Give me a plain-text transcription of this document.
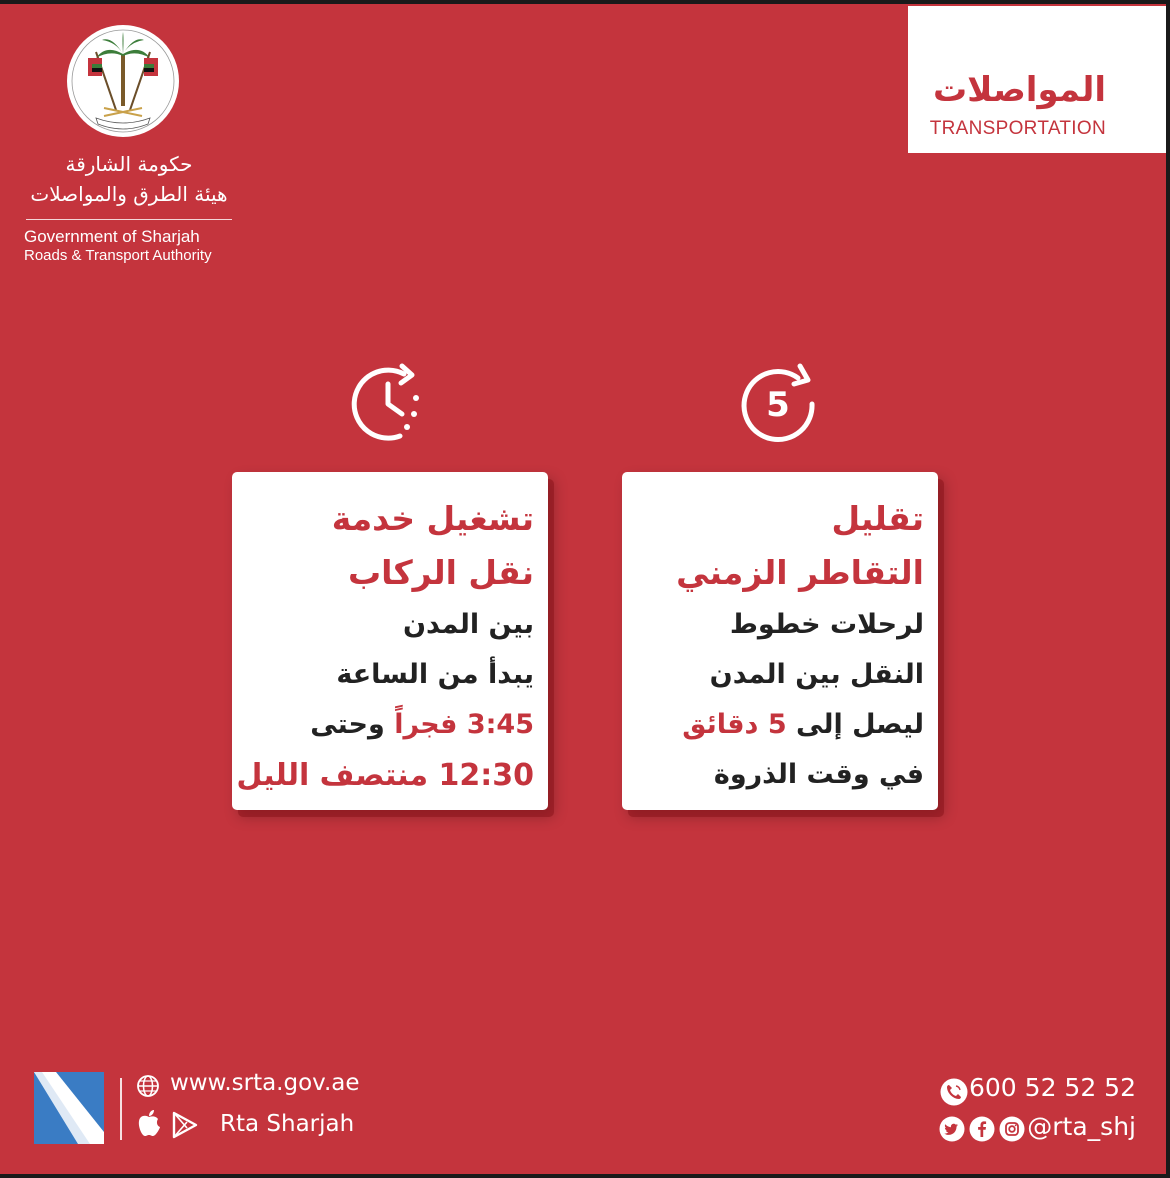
حكومة الشارقة
هيئة الطرق والمواصلات
Government of Sharjah
Roads & Transport Authority
المواصلات
TRANSPORTATION
5
تشغيل خدمة
نقل الركاب
بين المدن
يبدأ من الساعة
3:45 فجراً وحتى
12:30 منتصف الليل
تقليل
التقاطر الزمني
لرحلات خطوط
النقل بين المدن
ليصل إلى 5 دقائق
في وقت الذروة
www.srta.gov.ae
Rta Sharjah
600 52 52 52
@rta_shj
